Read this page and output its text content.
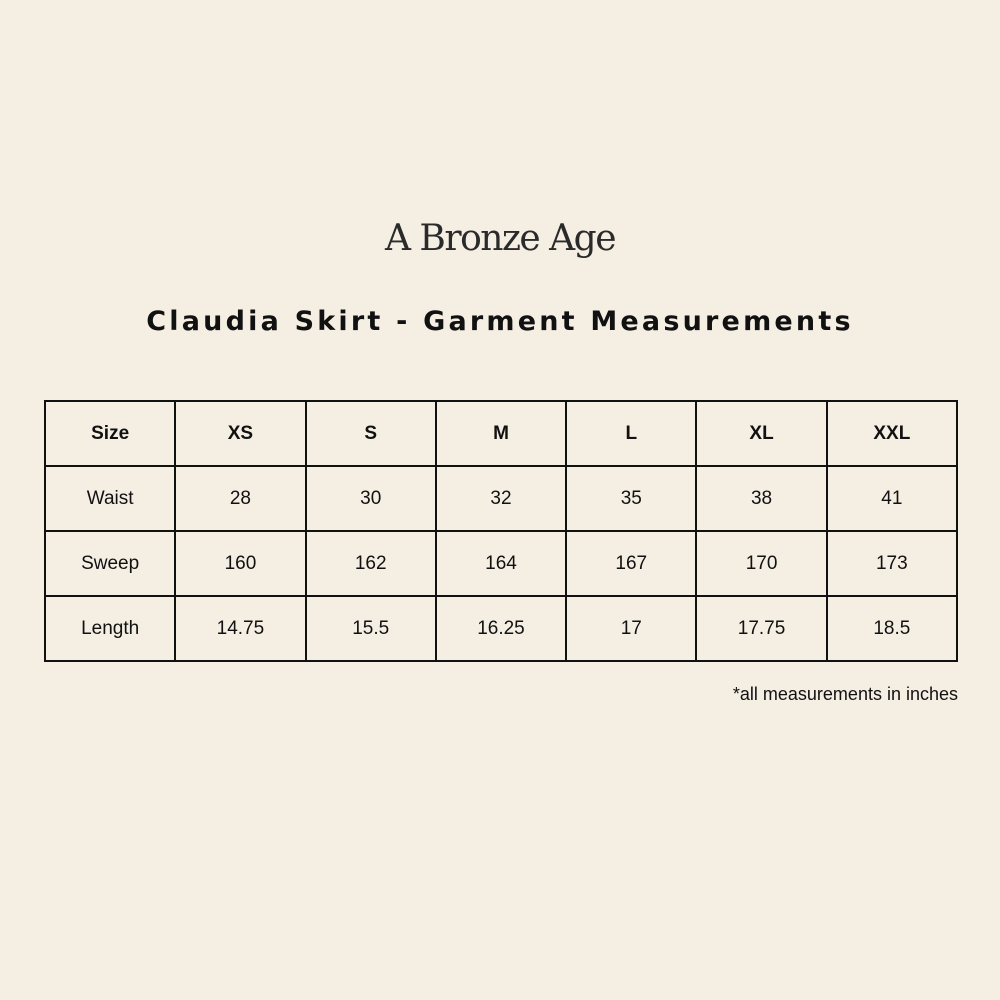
A Bronze Age
Claudia Skirt - Garment Measurements
Size	XS	S	M	L	XL	XXL
Waist	28	30	32	35	38	41
Sweep	160	162	164	167	170	173
Length	14.75	15.5	16.25	17	17.75	18.5
*all measurements in inches
